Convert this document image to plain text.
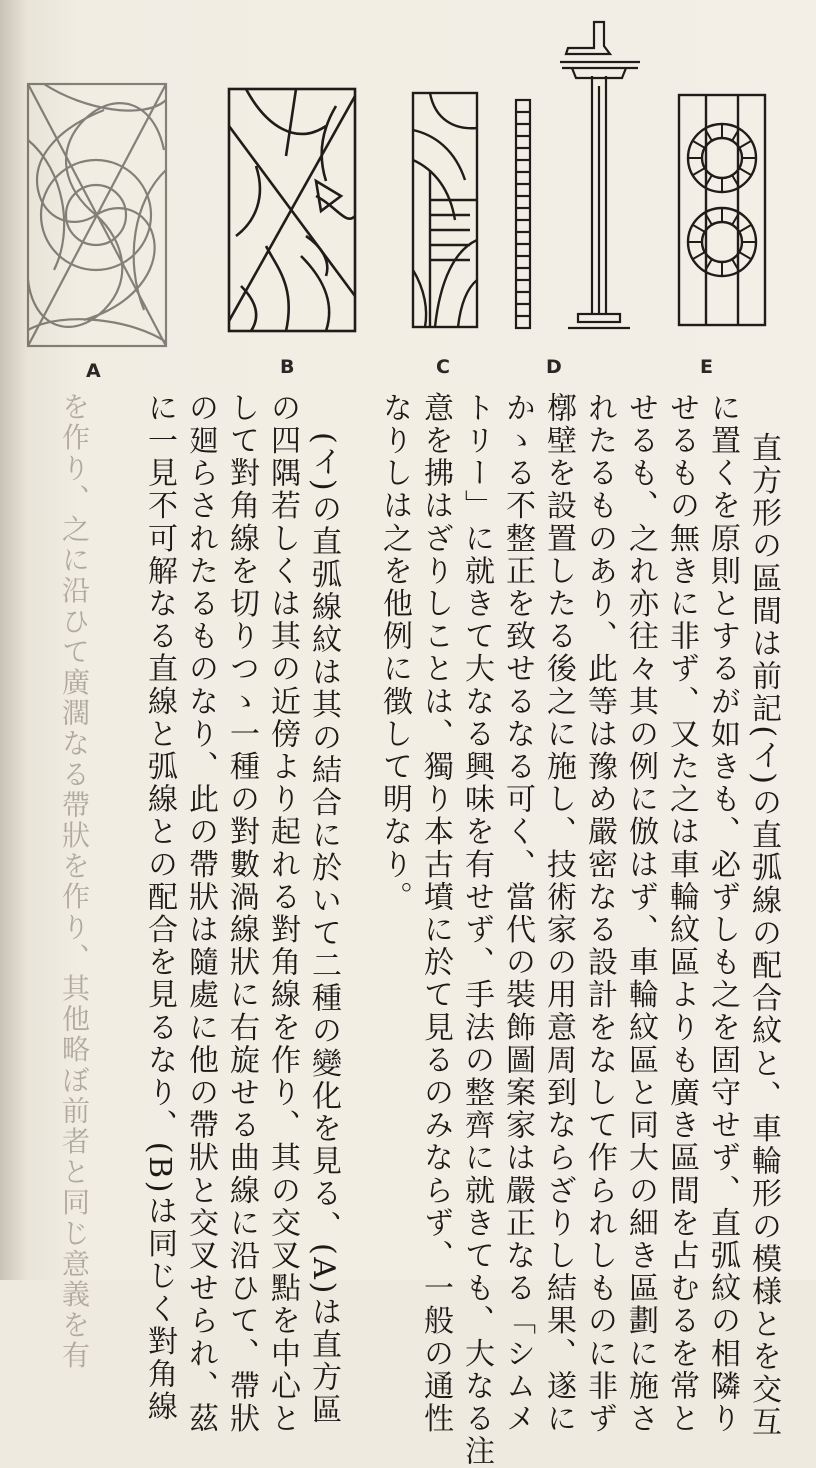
A	B	C	D	E
直方形の區間は前記(イ)の直弧線の配合紋と、車輪形の模様とを交互
に置くを原則とするが如きも、必ずしも之を固守せず、直弧紋の相隣り
せるもの無きに非ず、又た之は車輪紋區よりも廣き區間を占むるを常と
せるも、之れ亦往々其の例に倣はず、車輪紋區と同大の細き區劃に施さ
れたるものあり、此等は豫め嚴密なる設計をなして作られしものに非ず
槨壁を設置したる後之に施し、技術家の用意周到ならざりし結果、遂に
かゝる不整正を致せるなる可く、當代の裝飾圖案家は嚴正なる「シムメ
トリー」に就きて大なる興味を有せず、手法の整齊に就きても、大なる注
意を拂はざりしことは、獨り本古墳に於て見るのみならず、一般の通性
なりしは之を他例に徴して明なり。
(イ)の直弧線紋は其の結合に於いて二種の變化を見る、(A)は直方區
の四隅若しくは其の近傍より起れる對角線を作り、其の交叉點を中心と
して對角線を切りつゝ一種の對數渦線狀に右旋せる曲線に沿ひて、帶狀
の廻らされたるものなり、此の帶狀は隨處に他の帶狀と交叉せられ、茲
に一見不可解なる直線と弧線との配合を見るなり、(B)は同じく對角線
を作り、之に沿ひて廣濶なる帶狀を作り、其他略ぼ前者と同じ意義を有
